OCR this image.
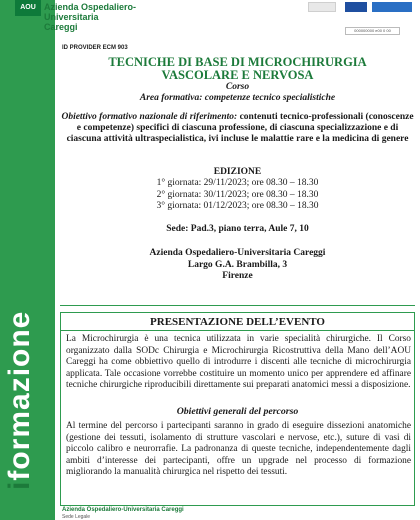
iformazione
AOU Azienda Ospedaliero-
Universitaria
Careggi	000000000 e00 0 00
ID PROVIDER ECM 903
TECNICHE DI BASE DI MICROCHIRURGIA
VASCOLARE E NERVOSA
Corso
Area formativa: competenze tecnico specialistiche
Obiettivo formativo nazionale di riferimento: contenuti tecnico-professionali (conoscenze e competenze) specifici di ciascuna professione, di ciascuna specializzazione e di ciascuna attività ultraspecialistica, ivi incluse le malattie rare e la medicina di genere
EDIZIONE
1° giornata: 29/11/2023; ore 08.30 – 18.30
2° giornata: 30/11/2023; ore 08.30 – 18.30
3° giornata: 01/12/2023; ore 08.30 – 18.30
Sede: Pad.3, piano terra, Aule 7, 10
Azienda Ospedaliero-Universitaria Careggi
Largo G.A. Brambilla, 3
Firenze
PRESENTAZIONE DELL’EVENTO
La Microchirurgia è una tecnica utilizzata in varie specialità chirurgiche. Il Corso organizzato dalla SODc Chirurgia e Microchirurgia Ricostruttiva della Mano dell’AOU Careggi ha come obbiettivo quello di introdurre i discenti alle tecniche di microchirurgia applicata. Tale occasione vorrebbe costituire un momento unico per apprendere ed affinare tecniche chirurgiche riproducibili direttamente sui preparati anatomici messi a disposizione.
Obiettivi generali del percorso
Al termine del percorso i partecipanti saranno in grado di eseguire dissezioni anatomiche (gestione dei tessuti, isolamento di strutture vascolari e nervose, etc.), suture di vasi di piccolo calibro e neurorrafie. La padronanza di queste tecniche, independentemente dagli ambiti d’interesse dei partecipanti, offre un upgrade nel processo di formazione migliorando la manualità chirurgica nel rispetto dei tessuti.
Azienda Ospedaliero-Universitaria Careggi
Sede Legale
